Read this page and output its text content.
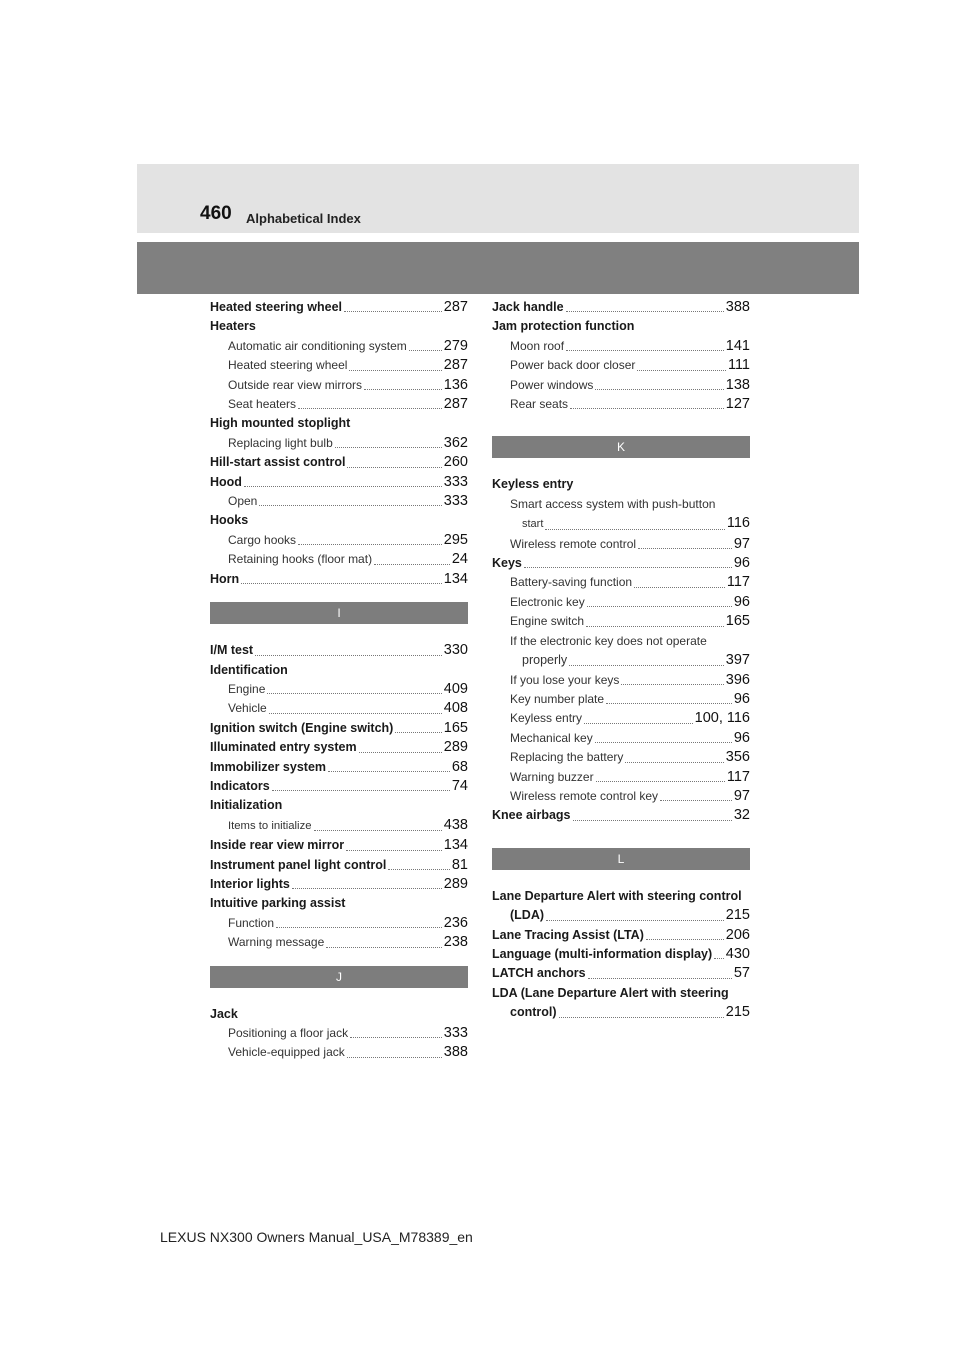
460 Alphabetical Index
Heated steering wheel	287
Heaters
Automatic air conditioning system	279
Heated steering wheel	287
Outside rear view mirrors	136
Seat heaters	287
High mounted stoplight
Replacing light bulb	362
Hill-start assist control	260
Hood	333
Open	333
Hooks
Cargo hooks	295
Retaining hooks (floor mat)	24
Horn	134
I
I/M test	330
Identification
Engine	409
Vehicle	408
Ignition switch (Engine switch)	165
Illuminated entry system	289
Immobilizer system	68
Indicators	74
Initialization
Items to initialize	438
Inside rear view mirror	134
Instrument panel light control	81
Interior lights	289
Intuitive parking assist
Function	236
Warning message	238
J
Jack
Positioning a floor jack	333
Vehicle-equipped jack	388
Jack handle	388
Jam protection function
Moon roof	141
Power back door closer	111
Power windows	138
Rear seats	127
K
Keyless entry
Smart access system with push-button
start	116
Wireless remote control	97
Keys	96
Battery-saving function	117
Electronic key	96
Engine switch	165
If the electronic key does not operate
properly	397
If you lose your keys	396
Key number plate	96
Keyless entry	100, 116
Mechanical key	96
Replacing the battery	356
Warning buzzer	117
Wireless remote control key	97
Knee airbags	32
L
Lane Departure Alert with steering control
(LDA)	215
Lane Tracing Assist (LTA)	206
Language (multi-information display) 430
LATCH anchors	57
LDA (Lane Departure Alert with steering
control)	215
LEXUS NX300 Owners Manual_USA_M78389_en
